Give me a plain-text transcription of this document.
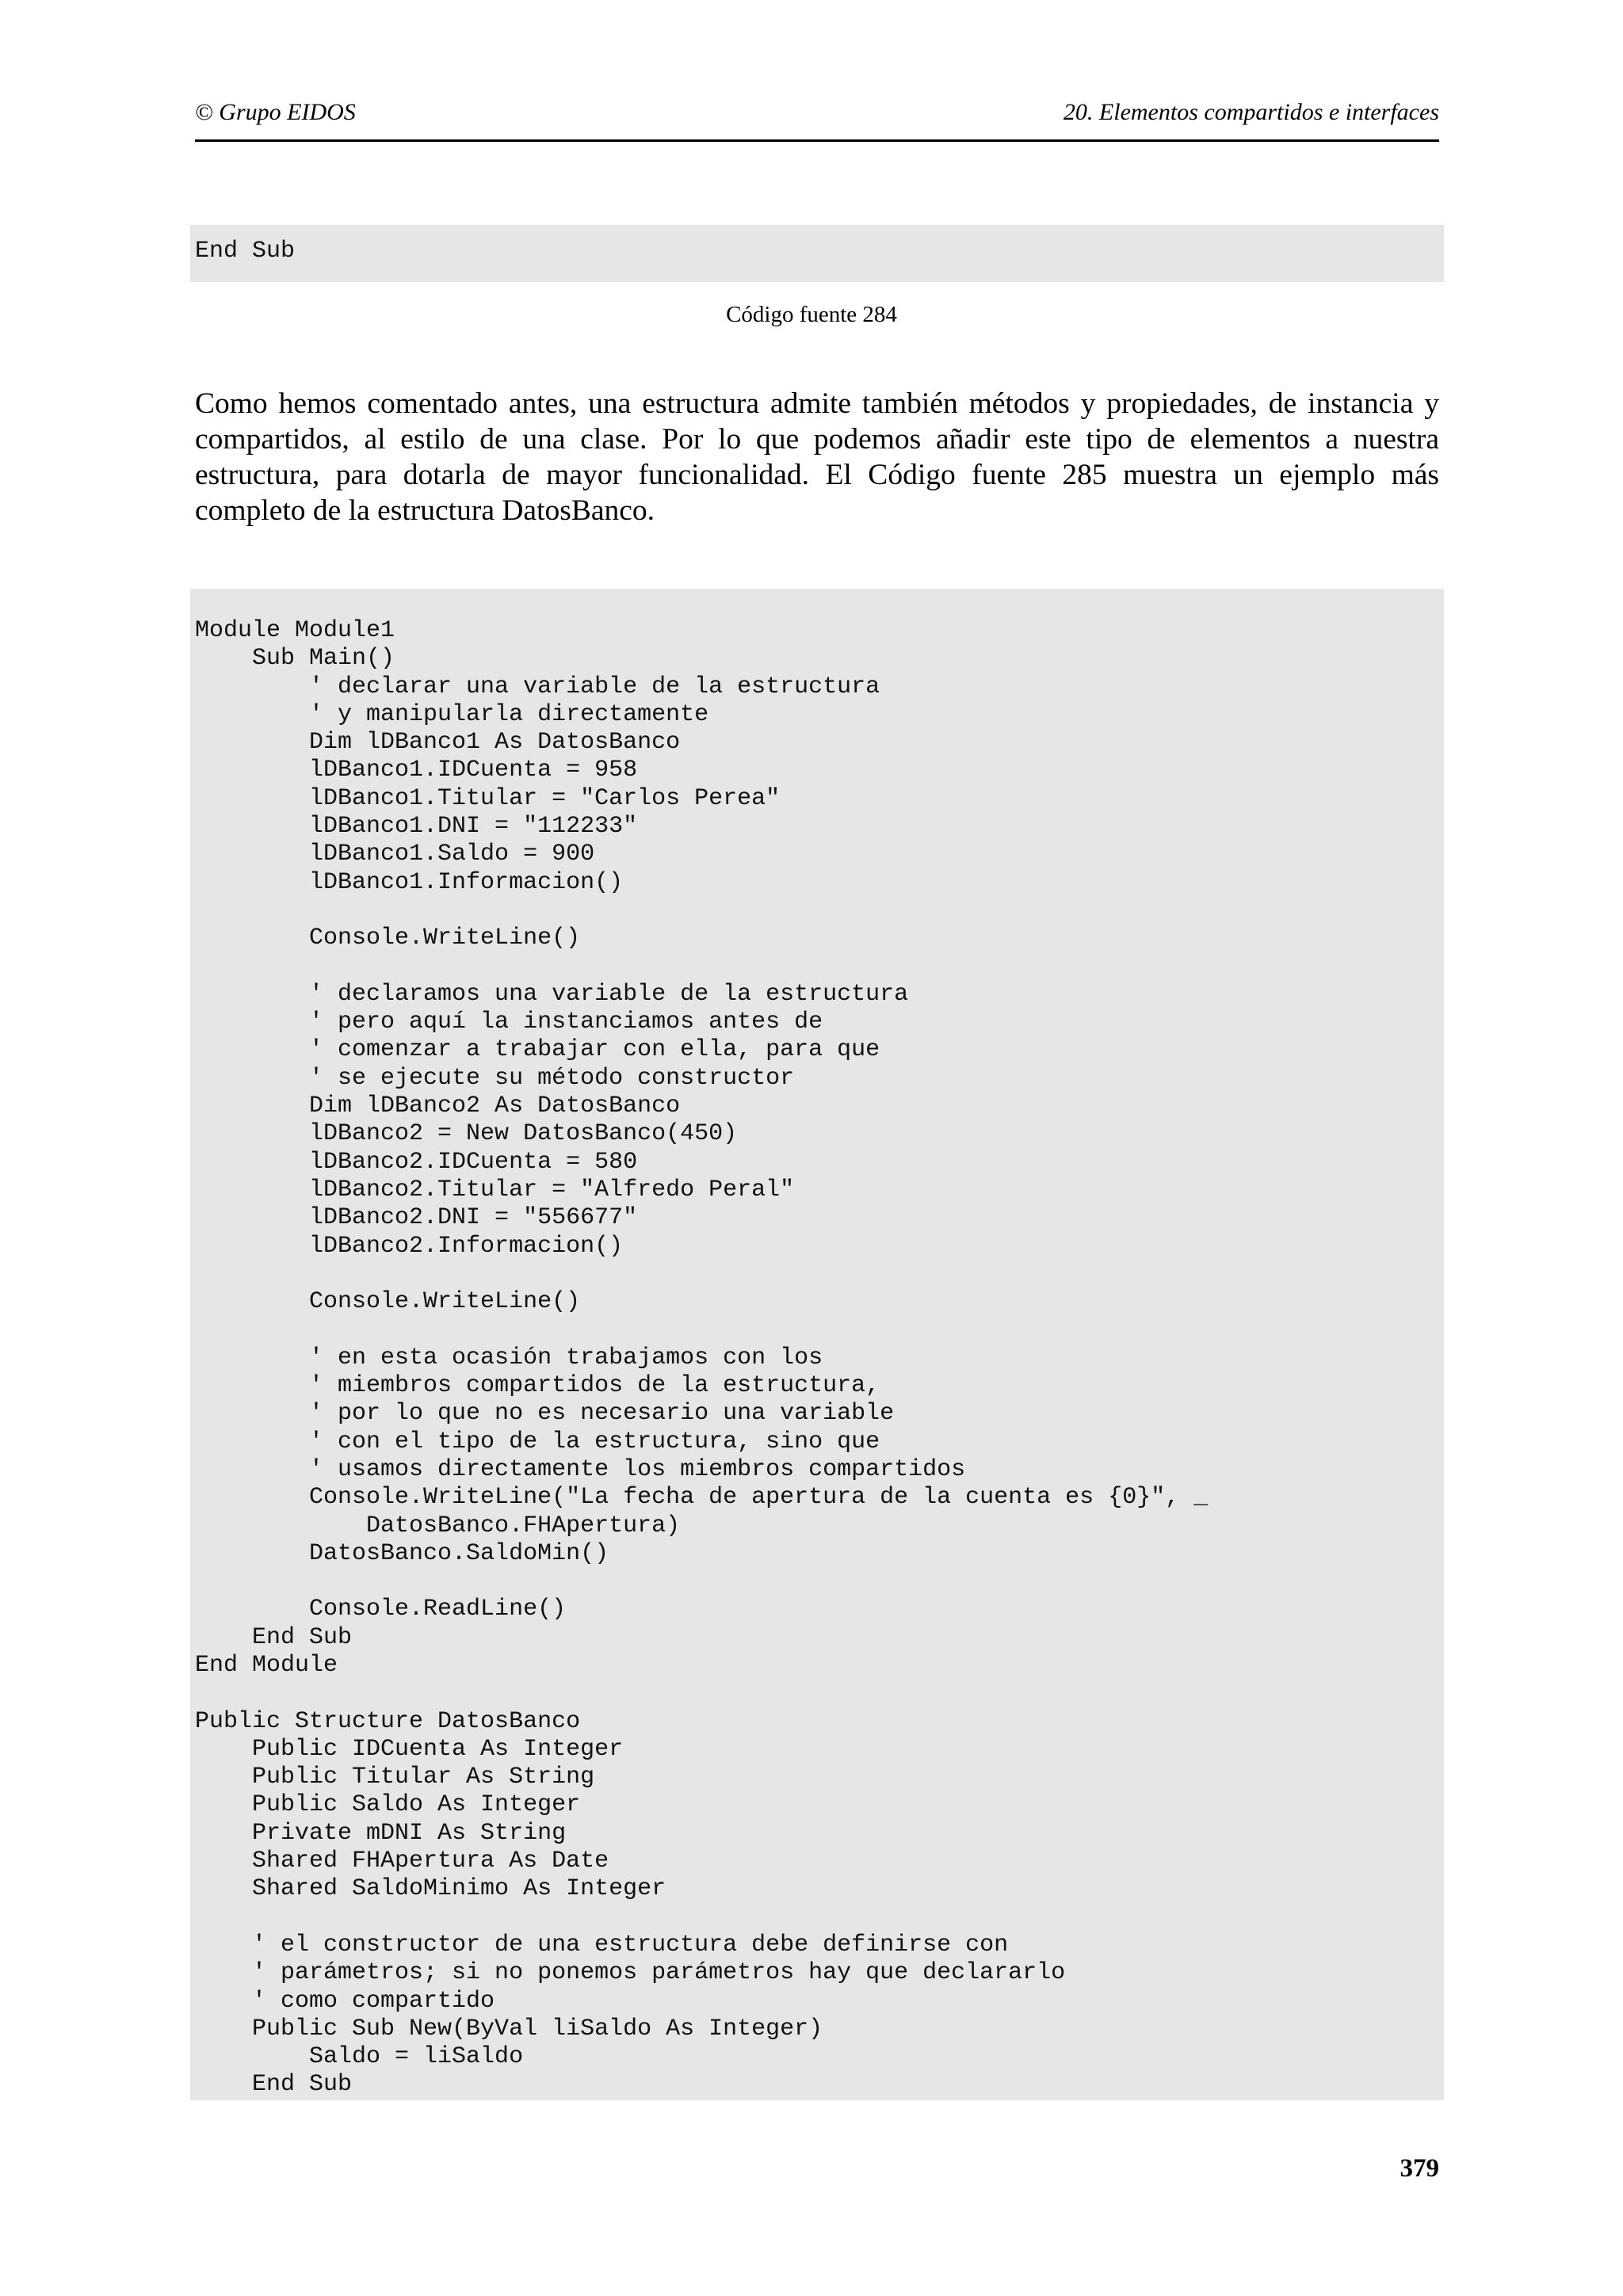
© Grupo EIDOS	20. Elementos compartidos e interfaces
End Sub
Código fuente 284

Como hemos comentado antes, una estructura admite también métodos y propiedades, de instancia y compartidos, al estilo de una clase. Por lo que podemos añadir este tipo de elementos a nuestra estructura, para dotarla de mayor funcionalidad. El Código fuente 285 muestra un ejemplo más completo de la estructura DatosBanco.

Module Module1
Sub Main()
' declarar una variable de la estructura
' y manipularla directamente
Dim lDBanco1 As DatosBanco
lDBanco1.IDCuenta = 958
lDBanco1.Titular = "Carlos Perea"
lDBanco1.DNI = "112233"
lDBanco1.Saldo = 900
lDBanco1.Informacion()
Console.WriteLine()
' declaramos una variable de la estructura
' pero aquí la instanciamos antes de
' comenzar a trabajar con ella, para que
' se ejecute su método constructor
Dim lDBanco2 As DatosBanco
lDBanco2 = New DatosBanco(450)
lDBanco2.IDCuenta = 580
lDBanco2.Titular = "Alfredo Peral"
lDBanco2.DNI = "556677"
lDBanco2.Informacion()
Console.WriteLine()
' en esta ocasión trabajamos con los
' miembros compartidos de la estructura,
' por lo que no es necesario una variable
' con el tipo de la estructura, sino que
' usamos directamente los miembros compartidos
Console.WriteLine("La fecha de apertura de la cuenta es {0}", _
DatosBanco.FHApertura)
DatosBanco.SaldoMin()
Console.ReadLine()
End Sub
End Module
Public Structure DatosBanco
Public IDCuenta As Integer
Public Titular As String
Public Saldo As Integer
Private mDNI As String
Shared FHApertura As Date
Shared SaldoMinimo As Integer
' el constructor de una estructura debe definirse con
' parámetros; si no ponemos parámetros hay que declararlo
' como compartido
Public Sub New(ByVal liSaldo As Integer)
Saldo = liSaldo
End Sub
379
